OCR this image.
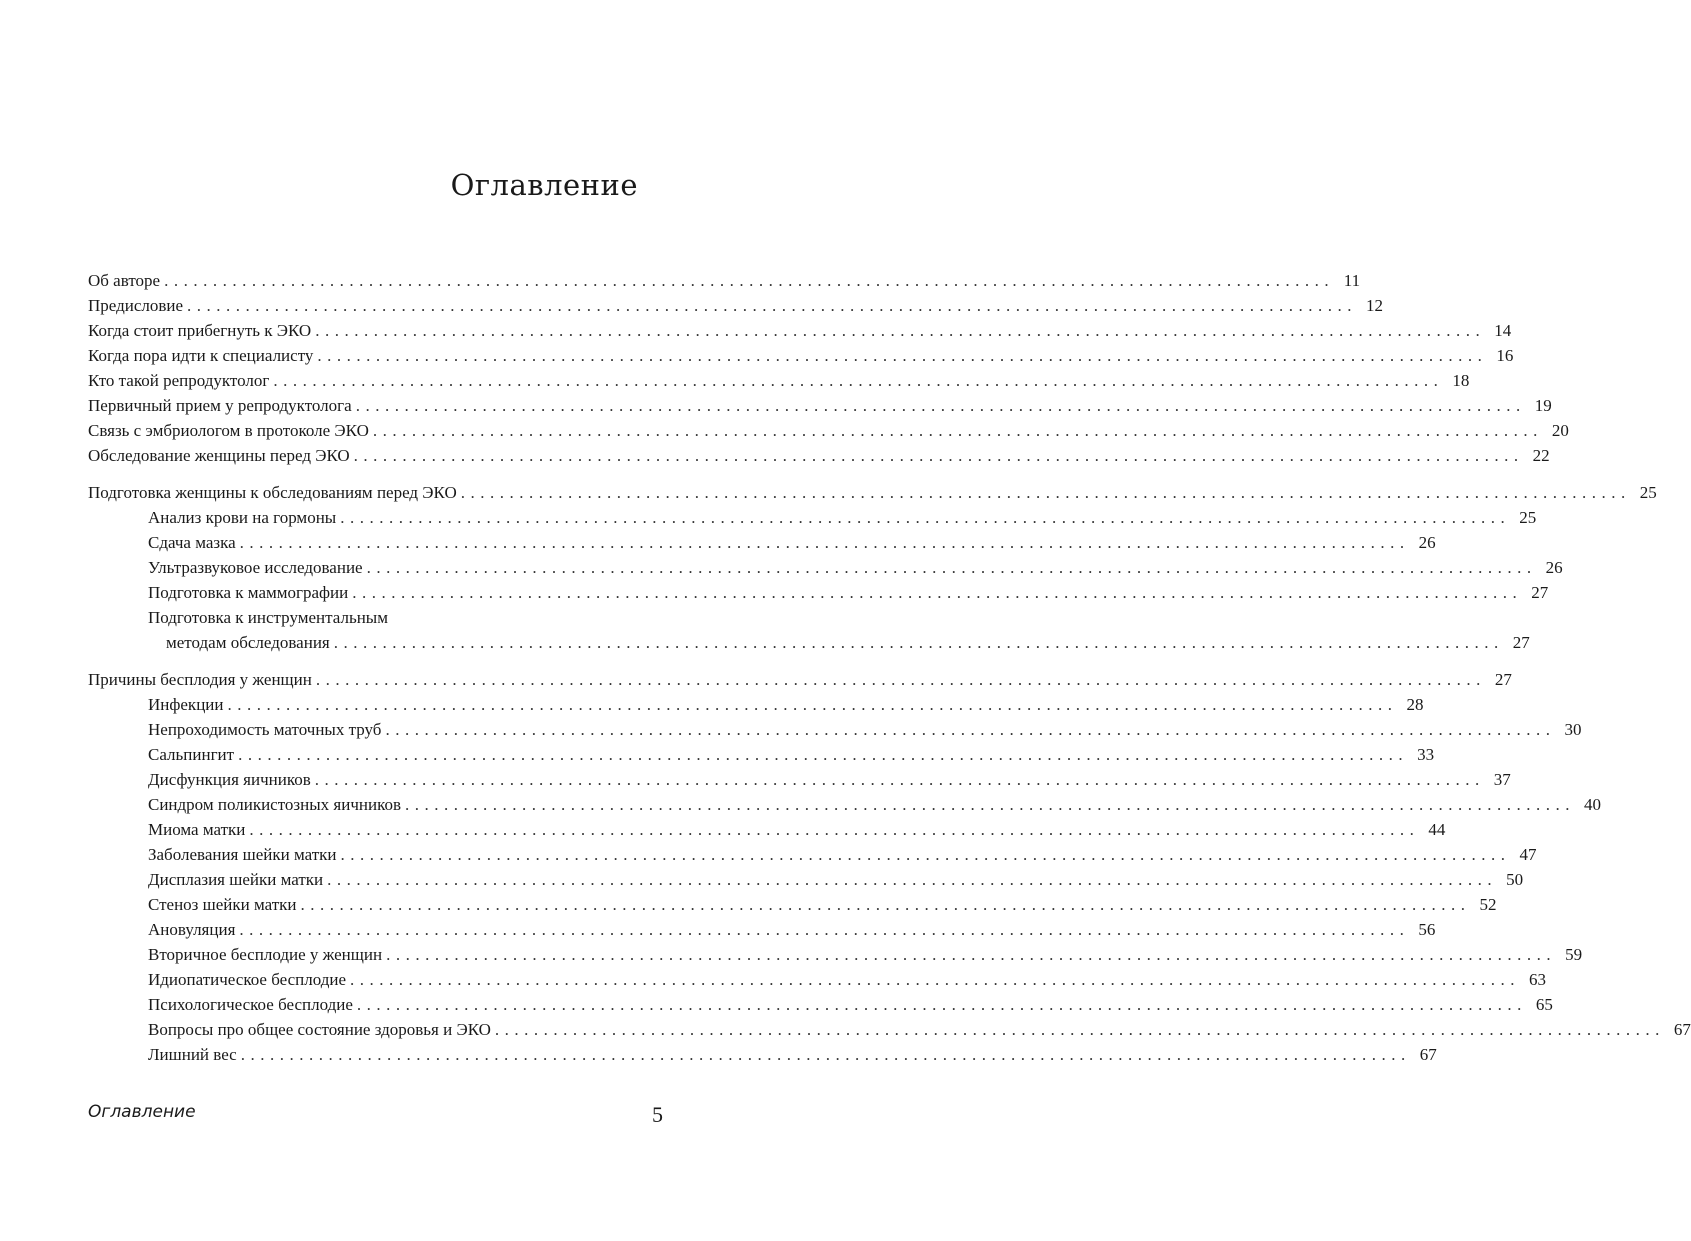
Оглавление
Об авторе ........................................................................................................................ 11
Предисловие ........................................................................................................................ 12
Когда стоит прибегнуть к ЭКО ........................................................................................................................ 14
Когда пора идти к специалисту ........................................................................................................................ 16
Кто такой репродуктолог ........................................................................................................................ 18
Первичный прием у репродуктолога ........................................................................................................................ 19
Связь с эмбриологом в протоколе ЭКО ........................................................................................................................ 20
Обследование женщины перед ЭКО ........................................................................................................................ 22
Подготовка женщины к обследованиям перед ЭКО ........................................................................................................................ 25
Анализ крови на гормоны ........................................................................................................................ 25
Сдача мазка ........................................................................................................................ 26
Ультразвуковое исследование ........................................................................................................................ 26
Подготовка к маммографии ........................................................................................................................ 27
Подготовка к инструментальным
методам обследования ........................................................................................................................ 27
Причины бесплодия у женщин ........................................................................................................................ 27
Инфекции ........................................................................................................................ 28
Непроходимость маточных труб ........................................................................................................................ 30
Сальпингит ........................................................................................................................ 33
Дисфункция яичников ........................................................................................................................ 37
Синдром поликистозных яичников ........................................................................................................................ 40
Миома матки ........................................................................................................................ 44
Заболевания шейки матки ........................................................................................................................ 47
Дисплазия шейки матки ........................................................................................................................ 50
Стеноз шейки матки ........................................................................................................................ 52
Ановуляция ........................................................................................................................ 56
Вторичное бесплодие у женщин ........................................................................................................................ 59
Идиопатическое бесплодие ........................................................................................................................ 63
Психологическое бесплодие ........................................................................................................................ 65
Вопросы про общее состояние здоровья и ЭКО ........................................................................................................................ 67
Лишний вес ........................................................................................................................ 67
Оглавление	5
